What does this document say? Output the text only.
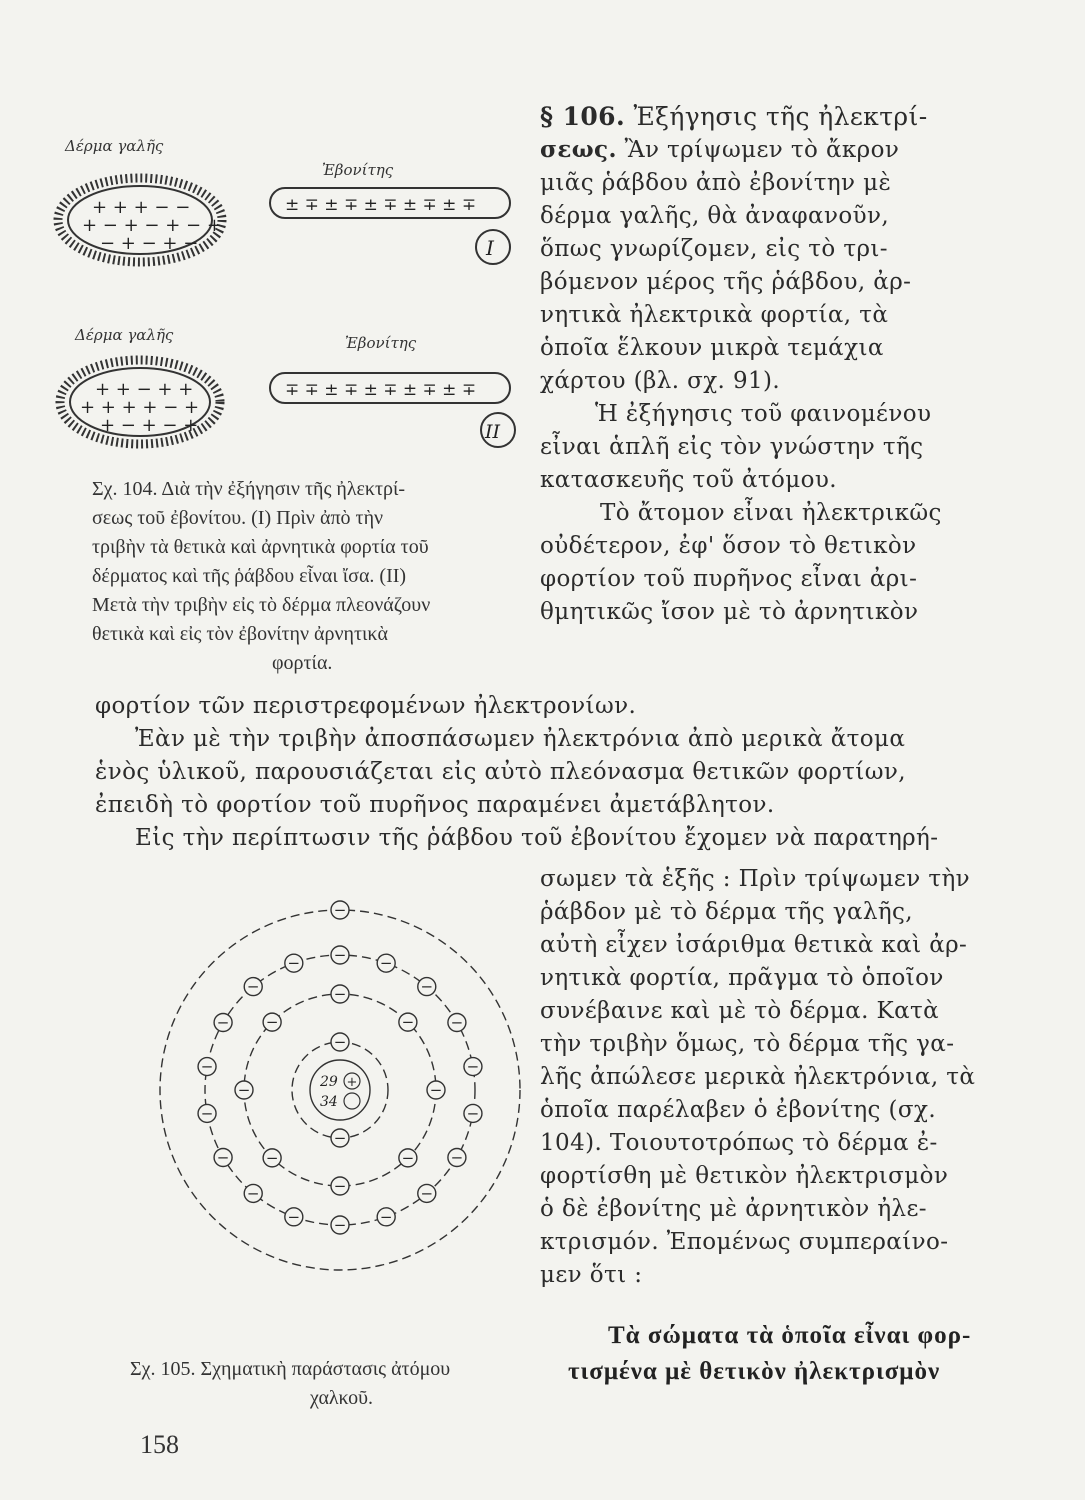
+ + + − −
+ − + − + − +
− + − + −
± ∓ ± ∓ ± ∓ ± ∓ ± ∓
I
+ + − + +
+ + + + − +
+ − + − +
∓ ∓ ± ∓ ± ∓ ± ∓ ± ∓
II
Δέρμα γαλῆς
Ἐβονίτης
Δέρμα γαλῆς	Ἐβονίτης
Σχ. 104. Διὰ τὴν ἐξήγησιν τῆς ἠλεκτρί-
σεως τοῦ ἐβονίτου. (I) Πρὶν ἀπὸ τὴν
τριβὴν τὰ θετικὰ καὶ ἀρνητικὰ φορτία τοῦ
δέρματος καὶ τῆς ῥάβδου εἶναι ἴσα. (II)
Μετὰ τὴν τριβὴν εἰς τὸ δέρμα πλεονάζουν
θετικὰ καὶ εἰς τὸν ἐβονίτην ἀρνητικὰ
φορτία.
§ 106. Ἐξήγησις τῆς ἠλεκτρί-
σεως. Ἂν τρίψωμεν τὸ ἄκρον
μιᾶς ῥάβδου ἀπὸ ἐβονίτην μὲ
δέρμα γαλῆς, θὰ ἀναφανοῦν,
ὅπως γνωρίζομεν, εἰς τὸ τρι-
βόμενον μέρος τῆς ῥάβδου, ἀρ-
νητικὰ ἠλεκτρικὰ φορτία, τὰ
ὁποῖα ἕλκουν μικρὰ τεμάχια
χάρτου (βλ. σχ. 91).
Ἡ ἐξήγησις τοῦ φαινομένου
εἶναι ἁπλῆ εἰς τὸν γνώστην τῆς
κατασκευῆς τοῦ ἀτόμου.
Τὸ ἄτομον εἶναι ἠλεκτρικῶς
οὐδέτερον, ἐφ' ὅσον τὸ θετικὸν
φορτίον τοῦ πυρῆνος εἶναι ἀρι-
θμητικῶς ἴσον μὲ τὸ ἀρνητικὸν
φορτίον τῶν περιστρεφομένων ἠλεκτρονίων.
Ἐὰν μὲ τὴν τριβὴν ἀποσπάσωμεν ἠλεκτρόνια ἀπὸ μερικὰ ἄτομα
ἑνὸς ὑλικοῦ, παρουσιάζεται εἰς αὐτὸ πλεόνασμα θετικῶν φορτίων,
ἐπειδὴ τὸ φορτίον τοῦ πυρῆνος παραμένει ἀμετάβλητον.
Εἰς τὴν περίπτωσιν τῆς ῥάβδου τοῦ ἐβονίτου ἔχομεν νὰ παρατηρή-
−
−
−
−
−
−
−
−
−
−
− −
−
−
−
−
−
−
−
−
−
−
−
−
−
−
−
−
−
29 +
34
Σχ. 105. Σχηματικὴ παράστασις ἀτόμου
χαλκοῦ.
σωμεν τὰ ἑξῆς : Πρὶν τρίψωμεν τὴν
ῥάβδον μὲ τὸ δέρμα τῆς γαλῆς,
αὐτὴ εἶχεν ἰσάριθμα θετικὰ καὶ ἀρ-
νητικὰ φορτία, πρᾶγμα τὸ ὁποῖον
συνέβαινε καὶ μὲ τὸ δέρμα. Κατὰ
τὴν τριβὴν ὅμως, τὸ δέρμα τῆς γα-
λῆς ἀπώλεσε μερικὰ ἠλεκτρόνια, τὰ
ὁποῖα παρέλαβεν ὁ ἐβονίτης (σχ.
104). Τοιουτοτρόπως τὸ δέρμα ἐ-
φορτίσθη μὲ θετικὸν ἠλεκτρισμὸν
ὁ δὲ ἐβονίτης μὲ ἀρνητικὸν ἠλε-
κτρισμόν. Ἐπομένως συμπεραίνο-
μεν ὅτι :
Τὰ σώματα τὰ ὁποῖα εἶναι φορ-
τισμένα μὲ θετικὸν ἠλεκτρισμὸν
158
